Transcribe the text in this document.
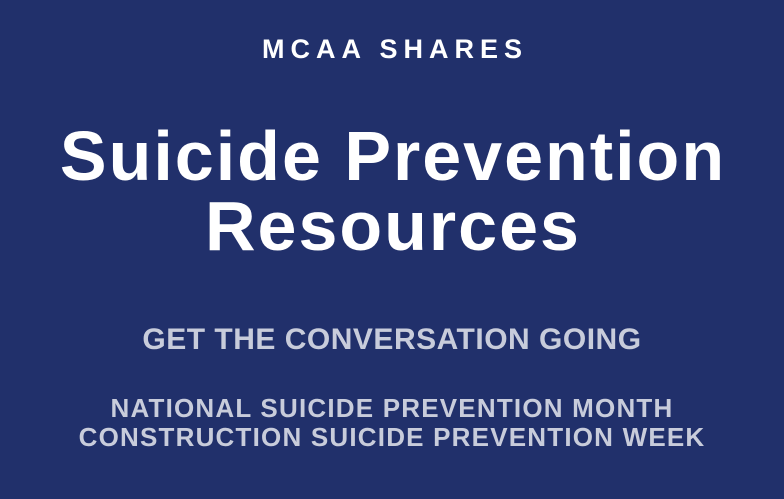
MCAA SHARES
Suicide Prevention
Resources
GET THE CONVERSATION GOING
NATIONAL SUICIDE PREVENTION MONTH
CONSTRUCTION SUICIDE PREVENTION WEEK
